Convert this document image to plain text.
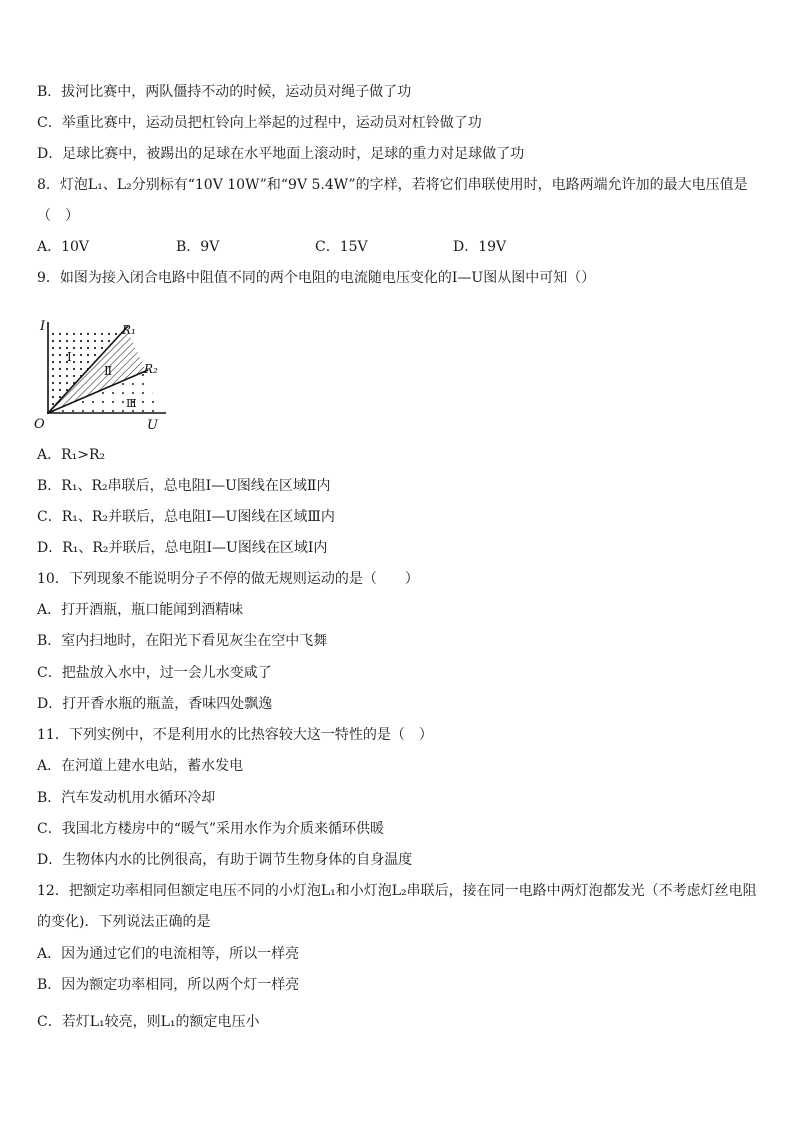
B．拔河比赛中，两队僵持不动的时候，运动员对绳子做了功
C．举重比赛中，运动员把杠铃向上举起的过程中，运动员对杠铃做了功
D．足球比赛中，被踢出的足球在水平地面上滚动时，足球的重力对足球做了功
8．灯泡L₁、L₂分别标有“10V 10W”和“9V 5.4W”的字样，若将它们串联使用时，电路两端允许加的最大电压值是
（　）
A．10V	B．9V	C．15V	D．19V
9．如图为接入闭合电路中阻值不同的两个电阻的电流随电压变化的I—U图从图中可知（）
I
U
O
R₁
R₂
Ⅰ
Ⅱ
Ⅲ
A．R₁>R₂
B．R₁、R₂串联后，总电阻I—U图线在区域Ⅱ内
C．R₁、R₂并联后，总电阻I—U图线在区域Ⅲ内
D．R₁、R₂并联后，总电阻I—U图线在区域Ⅰ内
10．下列现象不能说明分子不停的做无规则运动的是（　　）
A．打开酒瓶，瓶口能闻到酒精味
B．室内扫地时，在阳光下看见灰尘在空中飞舞
C．把盐放入水中，过一会儿水变咸了
D．打开香水瓶的瓶盖，香味四处飘逸
11．下列实例中，不是利用水的比热容较大这一特性的是（　）
A．在河道上建水电站，蓄水发电
B．汽车发动机用水循环冷却
C．我国北方楼房中的“暖气”采用水作为介质来循环供暖
D．生物体内水的比例很高，有助于调节生物身体的自身温度
12．把额定功率相同但额定电压不同的小灯泡L₁和小灯泡L₂串联后，接在同一电路中两灯泡都发光（不考虑灯丝电阻
的变化)．下列说法正确的是
A．因为通过它们的电流相等，所以一样亮
B．因为额定功率相同，所以两个灯一样亮
C．若灯L₁较亮，则L₁的额定电压小
